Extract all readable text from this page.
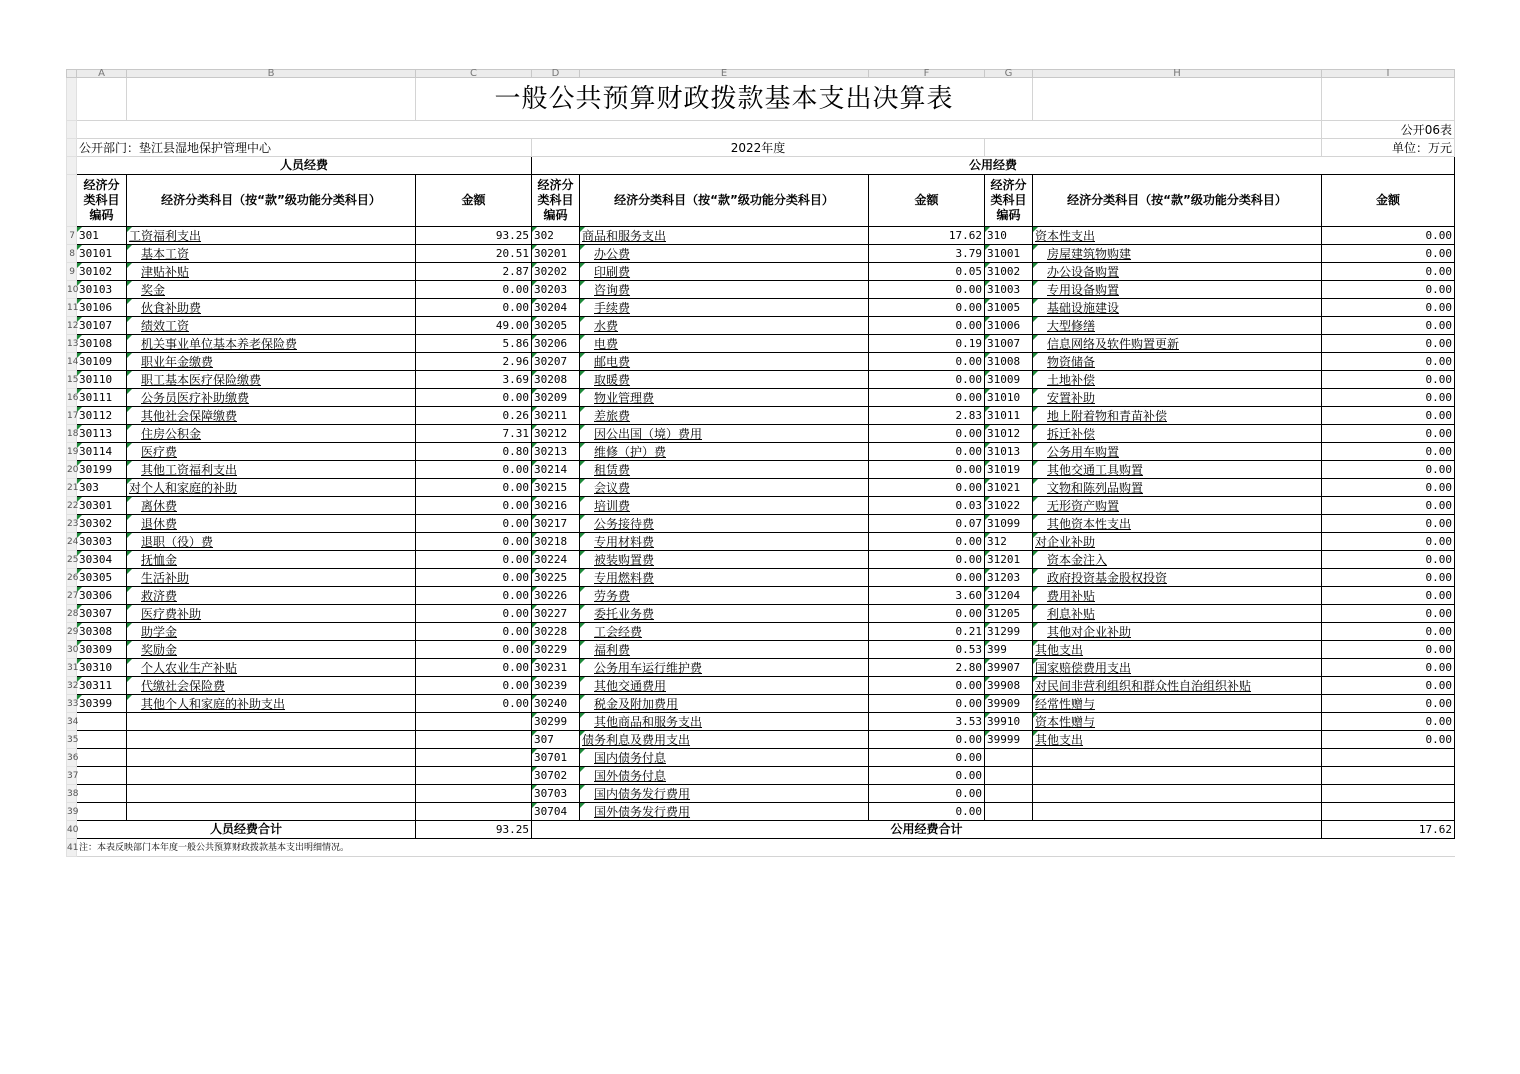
	A	B	C	D	E	F	G	H	I
			一般公共预算财政拨款基本支出决算表						
									公开06表
	公开部门：垫江县湿地保护管理中心			2022年度					单位：万元
	人员经费			公用经费					
	经济分类科目编码	经济分类科目（按“款”级功能分类科目）	金额	经济分类科目编码	经济分类科目（按“款”级功能分类科目）	金额	经济分类科目编码	经济分类科目（按“款”级功能分类科目）	金额
7	301	工资福利支出	93.25	302	商品和服务支出	17.62	310	资本性支出	0.00
8	30101	基本工资	20.51	30201	办公费	3.79	31001	房屋建筑物购建	0.00
9	30102	津贴补贴	2.87	30202	印刷费	0.05	31002	办公设备购置	0.00
10	30103	奖金	0.00	30203	咨询费	0.00	31003	专用设备购置	0.00
11	30106	伙食补助费	0.00	30204	手续费	0.00	31005	基础设施建设	0.00
12	30107	绩效工资	49.00	30205	水费	0.00	31006	大型修缮	0.00
13	30108	机关事业单位基本养老保险费	5.86	30206	电费	0.19	31007	信息网络及软件购置更新	0.00
14	30109	职业年金缴费	2.96	30207	邮电费	0.00	31008	物资储备	0.00
15	30110	职工基本医疗保险缴费	3.69	30208	取暖费	0.00	31009	土地补偿	0.00
16	30111	公务员医疗补助缴费	0.00	30209	物业管理费	0.00	31010	安置补助	0.00
17	30112	其他社会保障缴费	0.26	30211	差旅费	2.83	31011	地上附着物和青苗补偿	0.00
18	30113	住房公积金	7.31	30212	因公出国（境）费用	0.00	31012	拆迁补偿	0.00
19	30114	医疗费	0.80	30213	维修（护）费	0.00	31013	公务用车购置	0.00
20	30199	其他工资福利支出	0.00	30214	租赁费	0.00	31019	其他交通工具购置	0.00
21	303	对个人和家庭的补助	0.00	30215	会议费	0.00	31021	文物和陈列品购置	0.00
22	30301	离休费	0.00	30216	培训费	0.03	31022	无形资产购置	0.00
23	30302	退休费	0.00	30217	公务接待费	0.07	31099	其他资本性支出	0.00
24	30303	退职（役）费	0.00	30218	专用材料费	0.00	312	对企业补助	0.00
25	30304	抚恤金	0.00	30224	被装购置费	0.00	31201	资本金注入	0.00
26	30305	生活补助	0.00	30225	专用燃料费	0.00	31203	政府投资基金股权投资	0.00
27	30306	救济费	0.00	30226	劳务费	3.60	31204	费用补贴	0.00
28	30307	医疗费补助	0.00	30227	委托业务费	0.00	31205	利息补贴	0.00
29	30308	助学金	0.00	30228	工会经费	0.21	31299	其他对企业补助	0.00
30	30309	奖励金	0.00	30229	福利费	0.53	399	其他支出	0.00
31	30310	个人农业生产补贴	0.00	30231	公务用车运行维护费	2.80	39907	国家赔偿费用支出	0.00
32	30311	代缴社会保险费	0.00	30239	其他交通费用	0.00	39908	对民间非营利组织和群众性自治组织补贴	0.00
33	30399	其他个人和家庭的补助支出	0.00	30240	税金及附加费用	0.00	39909	经常性赠与	0.00
34				30299	其他商品和服务支出	3.53	39910	资本性赠与	0.00
35				307	债务利息及费用支出	0.00	39999	其他支出	0.00
36				30701	国内债务付息	0.00			
37				30702	国外债务付息	0.00			
38				30703	国内债务发行费用	0.00			
39				30704	国外债务发行费用	0.00			
40	人员经费合计		93.25	公用经费合计					17.62
41	注：本表反映部门本年度一般公共预算财政拨款基本支出明细情况。								
